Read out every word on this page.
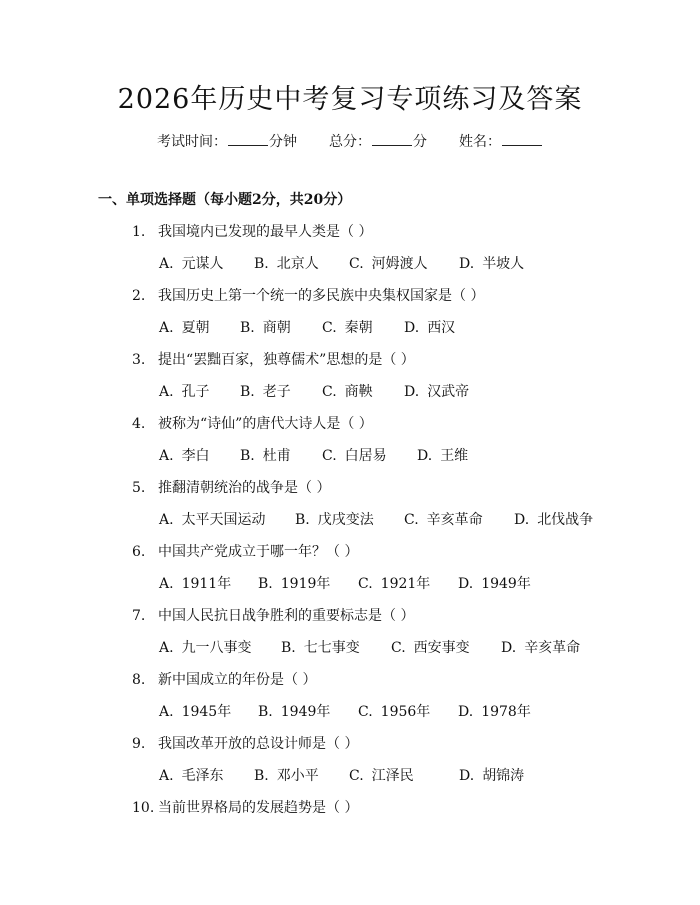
2026年历史中考复习专项练习及答案
考试时间：	分钟 总分：	分 姓名：
一、单项选择题（每小题2分，共20分）
1. 我国境内已发现的最早人类是（ ）
A. 元谋人 B. 北京人 C. 河姆渡人 D. 半坡人
2. 我国历史上第一个统一的多民族中央集权国家是（ ）
A. 夏朝 B. 商朝 C. 秦朝 D. 西汉
3. 提出“罢黜百家，独尊儒术”思想的是（ ）
A. 孔子 B. 老子 C. 商鞅 D. 汉武帝
4. 被称为“诗仙”的唐代大诗人是（ ）
A. 李白 B. 杜甫 C. 白居易 D. 王维
5. 推翻清朝统治的战争是（ ）
A. 太平天国运动 B. 戊戌变法 C. 辛亥革命 D. 北伐战争
6. 中国共产党成立于哪一年？（ ）
A. 1911年 B. 1919年 C. 1921年 D. 1949年
7. 中国人民抗日战争胜利的重要标志是（ ）
A. 九一八事变 B. 七七事变 C. 西安事变 D. 辛亥革命
8. 新中国成立的年份是（ ）
A. 1945年 B. 1949年 C. 1956年 D. 1978年
9. 我国改革开放的总设计师是（ ）
A. 毛泽东 B. 邓小平 C. 江泽民	D. 胡锦涛
10. 当前世界格局的发展趋势是（ ）
